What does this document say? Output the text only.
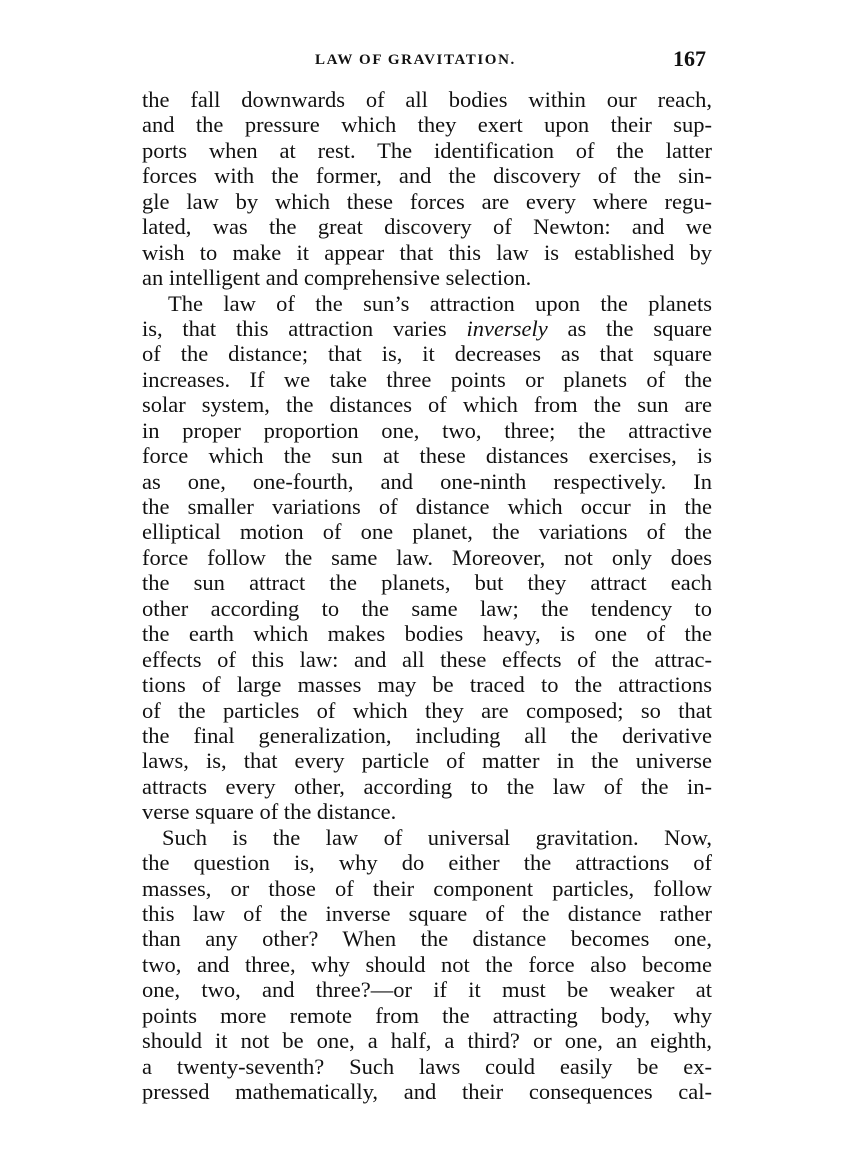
LAW OF GRAVITATION.	167
the fall downwards of all bodies within our reach,
and the pressure which they exert upon their sup-
ports when at rest. The identification of the latter
forces with the former, and the discovery of the sin-
gle law by which these forces are every where regu-
lated, was the great discovery of Newton: and we
wish to make it appear that this law is established by
an intelligent and comprehensive selection.
The law of the sun’s attraction upon the planets
is, that this attraction varies inversely as the square
of the distance; that is, it decreases as that square
increases. If we take three points or planets of the
solar system, the distances of which from the sun are
in proper proportion one, two, three; the attractive
force which the sun at these distances exercises, is
as one, one-fourth, and one-ninth respectively. In
the smaller variations of distance which occur in the
elliptical motion of one planet, the variations of the
force follow the same law. Moreover, not only does
the sun attract the planets, but they attract each
other according to the same law; the tendency to
the earth which makes bodies heavy, is one of the
effects of this law: and all these effects of the attrac-
tions of large masses may be traced to the attractions
of the particles of which they are composed; so that
the final generalization, including all the derivative
laws, is, that every particle of matter in the universe
attracts every other, according to the law of the in-
verse square of the distance.
Such is the law of universal gravitation. Now,
the question is, why do either the attractions of
masses, or those of their component particles, follow
this law of the inverse square of the distance rather
than any other? When the distance becomes one,
two, and three, why should not the force also become
one, two, and three?—or if it must be weaker at
points more remote from the attracting body, why
should it not be one, a half, a third? or one, an eighth,
a twenty-seventh? Such laws could easily be ex-
pressed mathematically, and their consequences cal-
